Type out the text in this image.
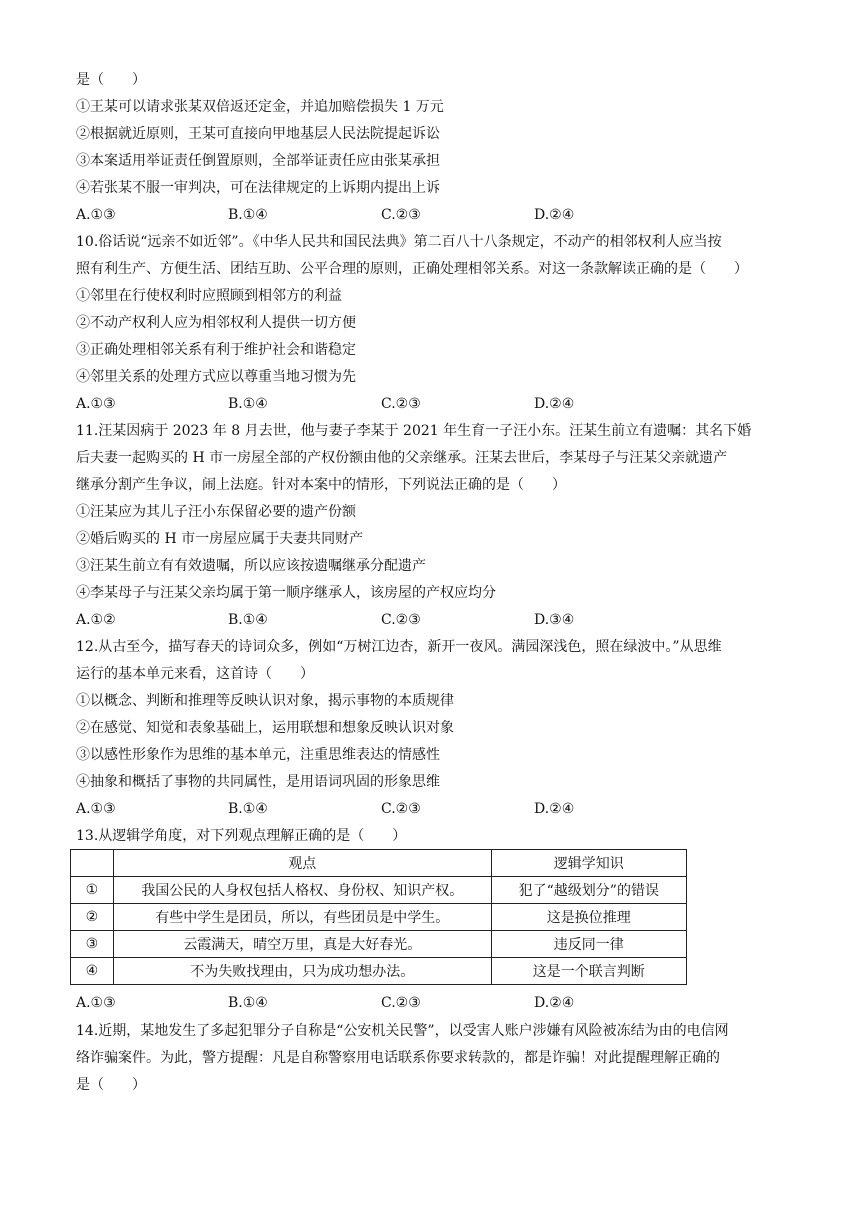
是（　　）
①王某可以请求张某双倍返还定金，并追加赔偿损失 1 万元
②根据就近原则，王某可直接向甲地基层人民法院提起诉讼
③本案适用举证责任倒置原则，全部举证责任应由张某承担
④若张某不服一审判决，可在法律规定的上诉期内提出上诉
A.①③	B.①④	C.②③	D.②④
10.俗话说“远亲不如近邻”。《中华人民共和国民法典》第二百八十八条规定，不动产的相邻权利人应当按
照有利生产、方便生活、团结互助、公平合理的原则，正确处理相邻关系。对这一条款解读正确的是（　　）
①邻里在行使权利时应照顾到相邻方的利益
②不动产权利人应为相邻权利人提供一切方便
③正确处理相邻关系有利于维护社会和谐稳定
④邻里关系的处理方式应以尊重当地习惯为先
A.①③	B.①④	C.②③	D.②④
11.汪某因病于 2023 年 8 月去世，他与妻子李某于 2021 年生育一子汪小东。汪某生前立有遗嘱：其名下婚
后夫妻一起购买的 H 市一房屋全部的产权份额由他的父亲继承。汪某去世后，李某母子与汪某父亲就遗产
继承分割产生争议，闹上法庭。针对本案中的情形，下列说法正确的是（　　）
①汪某应为其儿子汪小东保留必要的遗产份额
②婚后购买的 H 市一房屋应属于夫妻共同财产
③汪某生前立有有效遗嘱，所以应该按遗嘱继承分配遗产
④李某母子与汪某父亲均属于第一顺序继承人，该房屋的产权应均分
A.①②	B.①④	C.②③	D.③④
12.从古至今，描写春天的诗词众多，例如“万树江边杏，新开一夜风。满园深浅色，照在绿波中。”从思维
运行的基本单元来看，这首诗（　　）
①以概念、判断和推理等反映认识对象，揭示事物的本质规律
②在感觉、知觉和表象基础上，运用联想和想象反映认识对象
③以感性形象作为思维的基本单元，注重思维表达的情感性
④抽象和概括了事物的共同属性，是用语词巩固的形象思维
A.①③	B.①④	C.②③	D.②④
13.从逻辑学角度，对下列观点理解正确的是（　　）
	观点	逻辑学知识
①	我国公民的人身权包括人格权、身份权、知识产权。	犯了“越级划分”的错误
②	有些中学生是团员，所以，有些团员是中学生。	这是换位推理
③	云霞满天，晴空万里，真是大好春光。	违反同一律
④	不为失败找理由，只为成功想办法。	这是一个联言判断
A.①③	B.①④	C.②③	D.②④
14.近期，某地发生了多起犯罪分子自称是“公安机关民警”，以受害人账户涉嫌有风险被冻结为由的电信网
络诈骗案件。为此，警方提醒：凡是自称警察用电话联系你要求转款的，都是诈骗！对此提醒理解正确的
是（　　）
